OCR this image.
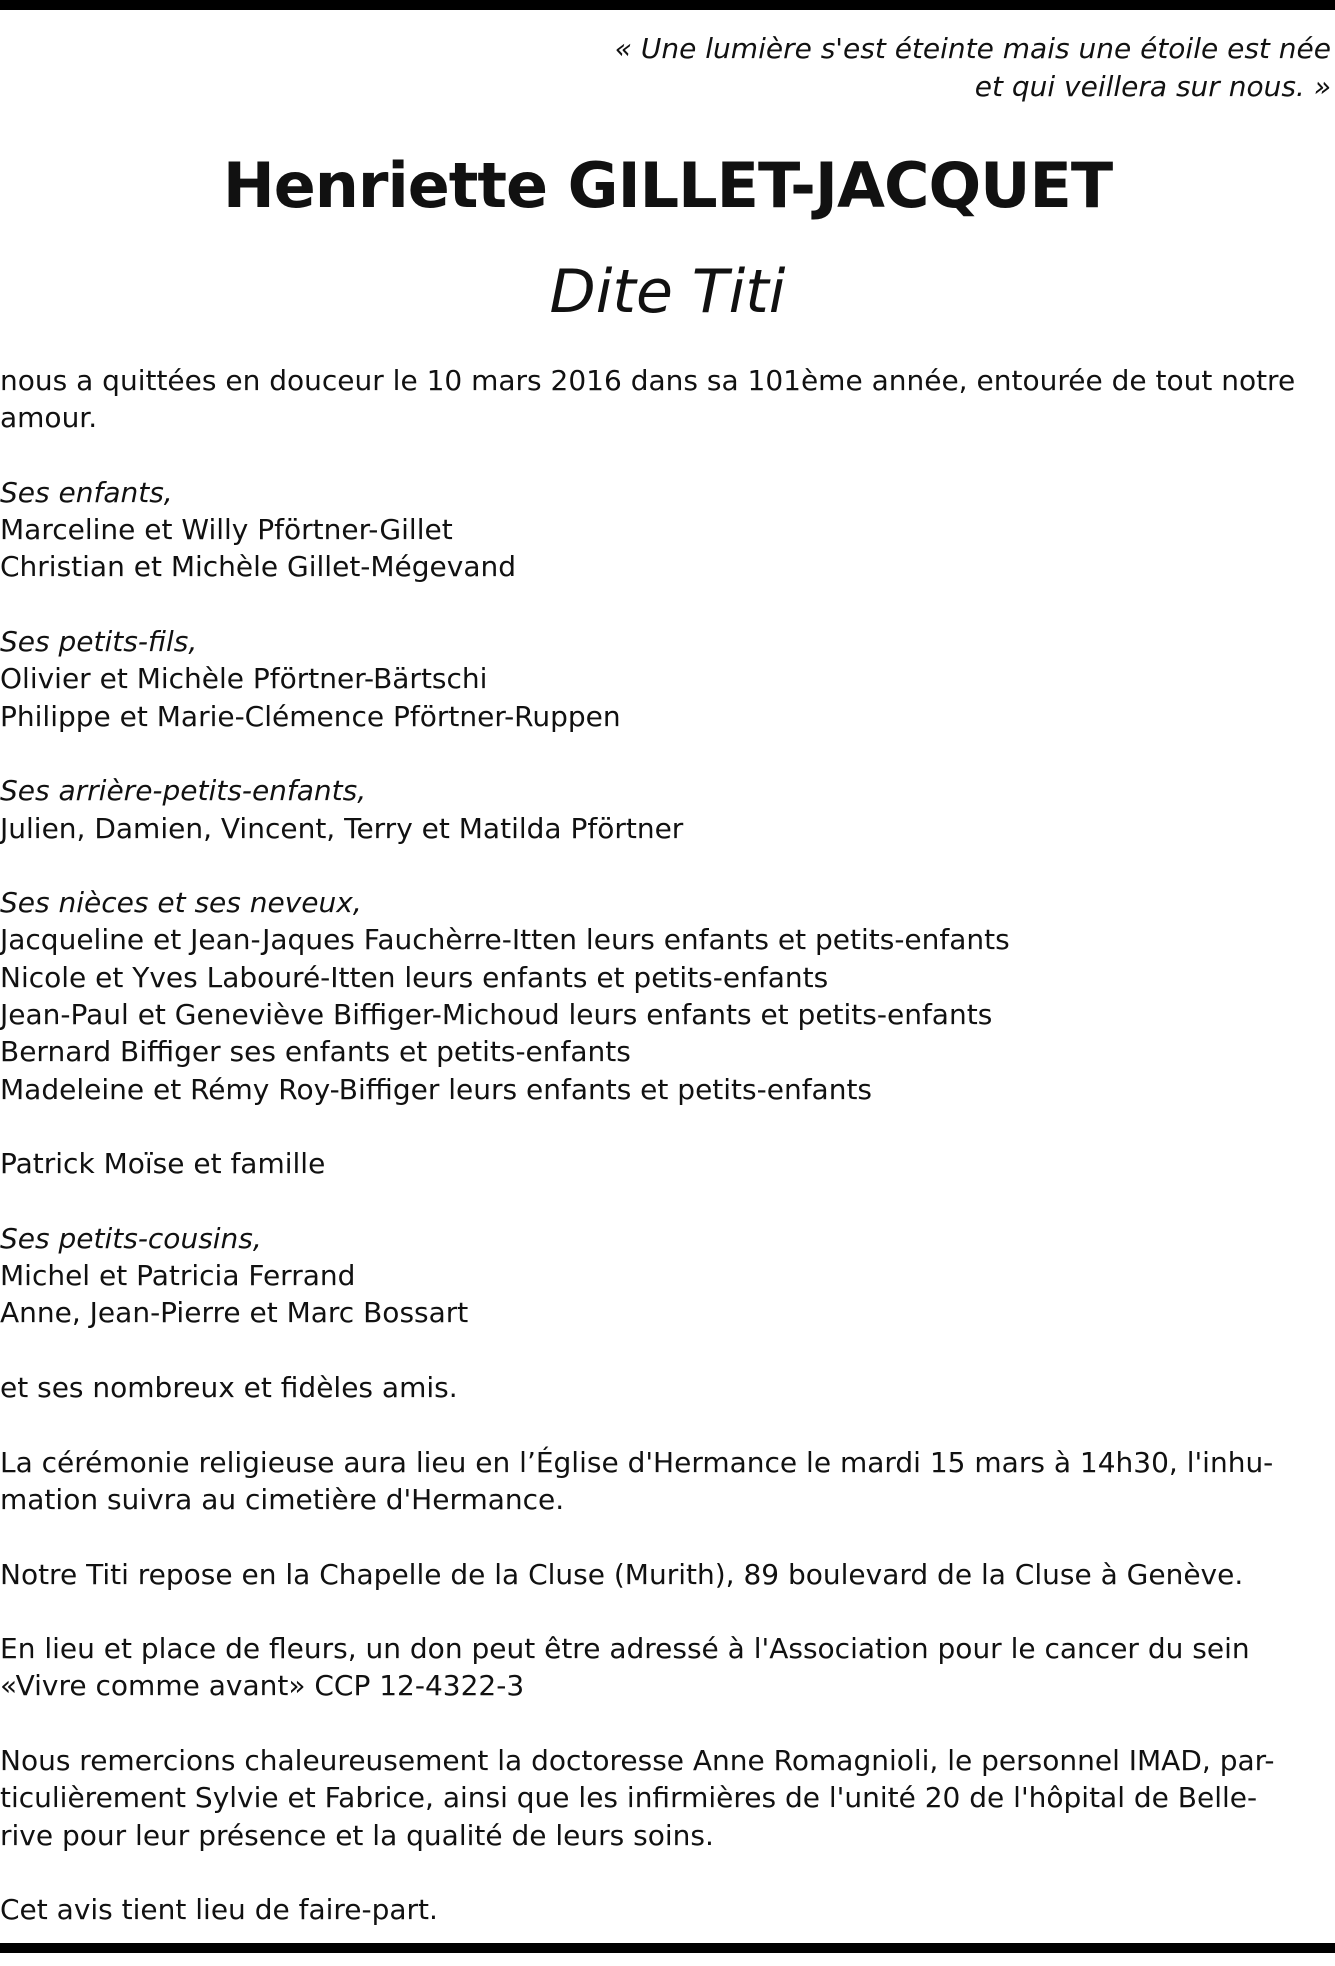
« Une lumière s'est éteinte mais une étoile est née
et qui veillera sur nous. »
Henriette GILLET-JACQUET
Dite Titi

nous a quittées en douceur le 10 mars 2016 dans sa 101ème année, entourée de tout notre amour.

Ses enfants,
Marceline et Willy Pförtner-Gillet
Christian et Michèle Gillet-Mégevand
Ses petits-fils,
Olivier et Michèle Pförtner-Bärtschi
Philippe et Marie-Clémence Pförtner-Ruppen
Ses arrière-petits-enfants,
Julien, Damien, Vincent, Terry et Matilda Pförtner
Ses nièces et ses neveux,
Jacqueline et Jean-Jaques Fauchèrre-Itten leurs enfants et petits-enfants
Nicole et Yves Labouré-Itten leurs enfants et petits-enfants
Jean-Paul et Geneviève Biffiger-Michoud leurs enfants et petits-enfants
Bernard Biffiger ses enfants et petits-enfants
Madeleine et Rémy Roy-Biffiger leurs enfants et petits-enfants

Patrick Moïse et famille

Ses petits-cousins,
Michel et Patricia Ferrand
Anne, Jean-Pierre et Marc Bossart

et ses nombreux et fidèles amis.

La cérémonie religieuse aura lieu en l’Église d'Hermance le mardi 15 mars à 14h30, l'inhu-
mation suivra au cimetière d'Hermance.

Notre Titi repose en la Chapelle de la Cluse (Murith), 89 boulevard de la Cluse à Genève.

En lieu et place de fleurs, un don peut être adressé à l'Association pour le cancer du sein
«Vivre comme avant» CCP 12-4322-3
Nous remercions chaleureusement la doctoresse Anne Romagnioli, le personnel IMAD, par-
ticulièrement Sylvie et Fabrice, ainsi que les infirmières de l'unité 20 de l'hôpital de Belle-
rive pour leur présence et la qualité de leurs soins.

Cet avis tient lieu de faire-part.
